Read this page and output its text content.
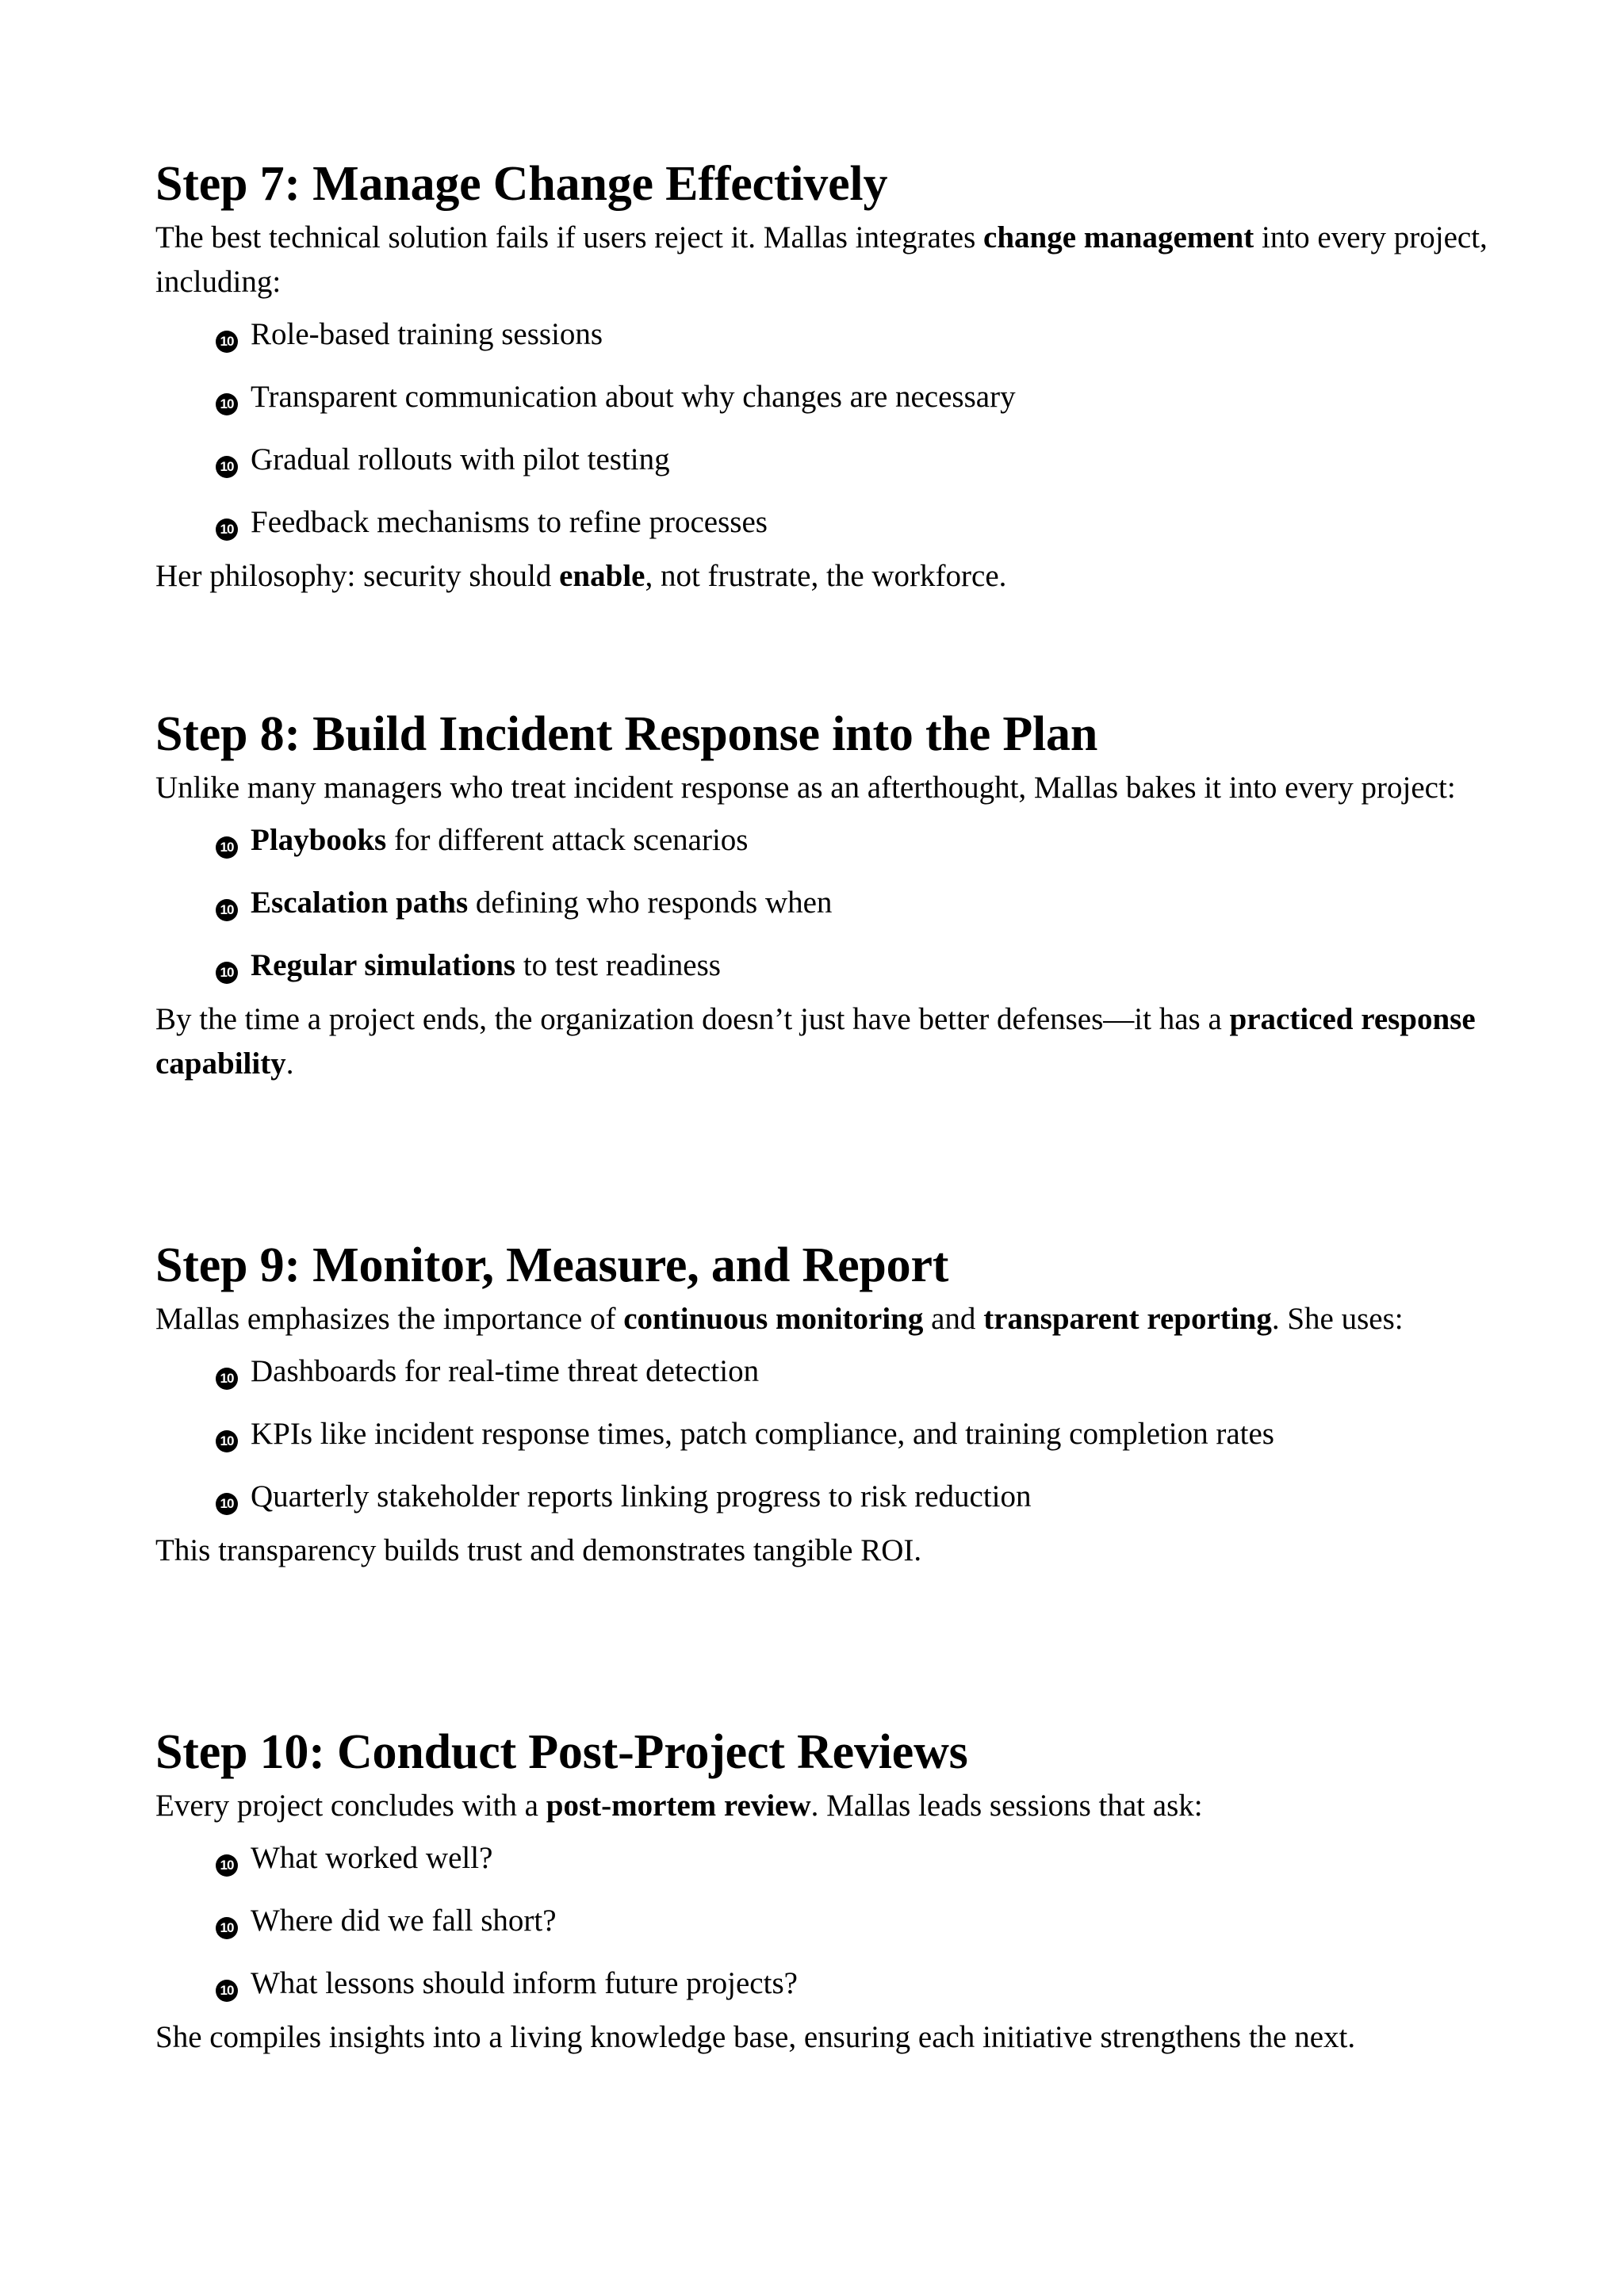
Step 7: Manage Change Effectively

The best technical solution fails if users reject it. Mallas integrates change management into every project, including:

10 Role-based training sessions
10 Transparent communication about why changes are necessary
10 Gradual rollouts with pilot testing
10 Feedback mechanisms to refine processes

Her philosophy: security should enable, not frustrate, the workforce.

Step 8: Build Incident Response into the Plan

Unlike many managers who treat incident response as an afterthought, Mallas bakes it into every project:

10 Playbooks for different attack scenarios
10 Escalation paths defining who responds when
10 Regular simulations to test readiness

By the time a project ends, the organization doesn’t just have better defenses—it has a practiced response capability.

Step 9: Monitor, Measure, and Report

Mallas emphasizes the importance of continuous monitoring and transparent reporting. She uses:

10 Dashboards for real-time threat detection
10 KPIs like incident response times, patch compliance, and training completion rates
10 Quarterly stakeholder reports linking progress to risk reduction

This transparency builds trust and demonstrates tangible ROI.

Step 10: Conduct Post-Project Reviews

Every project concludes with a post-mortem review. Mallas leads sessions that ask:

10 What worked well?
10 Where did we fall short?
10 What lessons should inform future projects?

She compiles insights into a living knowledge base, ensuring each initiative strengthens the next.
